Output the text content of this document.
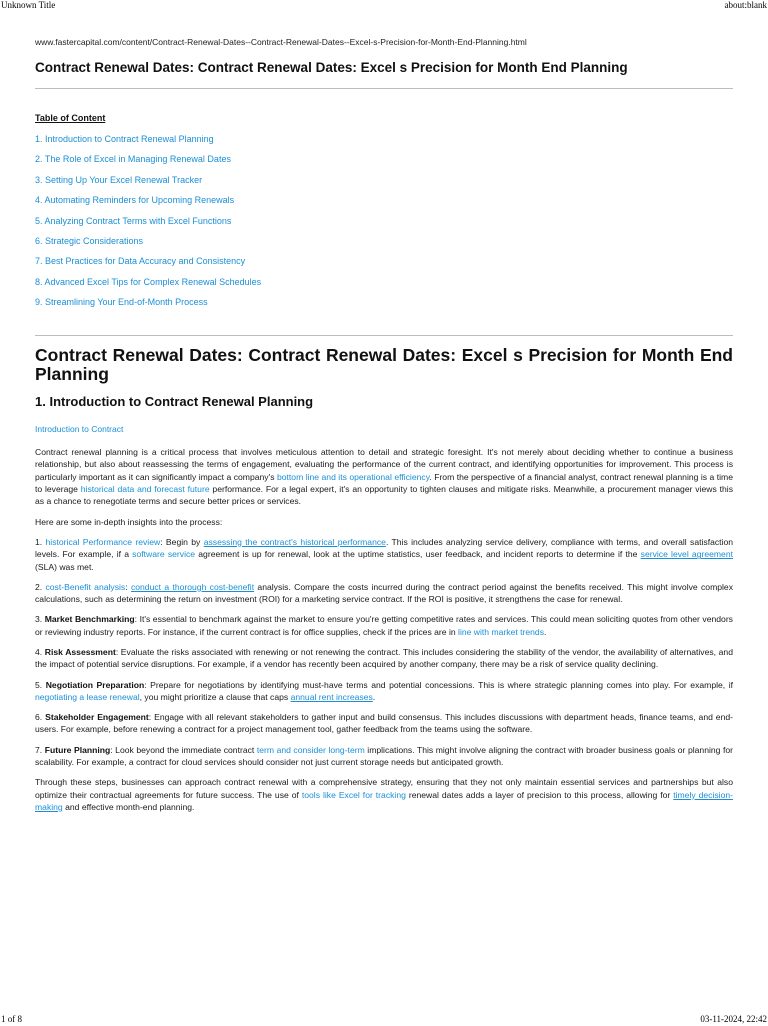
Unknown Title	about:blank
www.fastercapital.com/content/Contract-Renewal-Dates--Contract-Renewal-Dates--Excel-s-Precision-for-Month-End-Planning.html
Contract Renewal Dates: Contract Renewal Dates: Excel s Precision for Month End Planning
Table of Content
1. Introduction to Contract Renewal Planning
2. The Role of Excel in Managing Renewal Dates
3. Setting Up Your Excel Renewal Tracker
4. Automating Reminders for Upcoming Renewals
5. Analyzing Contract Terms with Excel Functions
6. Strategic Considerations
7. Best Practices for Data Accuracy and Consistency
8. Advanced Excel Tips for Complex Renewal Schedules
9. Streamlining Your End-of-Month Process
Contract Renewal Dates: Contract Renewal Dates: Excel s Precision for Month End Planning
1. Introduction to Contract Renewal Planning
Introduction to Contract

Contract renewal planning is a critical process that involves meticulous attention to detail and strategic foresight. It's not merely about deciding whether to continue a business relationship, but also about reassessing the terms of engagement, evaluating the performance of the current contract, and identifying opportunities for improvement. This process is particularly important as it can significantly impact a company's bottom line and its operational efficiency. From the perspective of a financial analyst, contract renewal planning is a time to leverage historical data and forecast future performance. For a legal expert, it's an opportunity to tighten clauses and mitigate risks. Meanwhile, a procurement manager views this as a chance to renegotiate terms and secure better prices or services.

Here are some in-depth insights into the process:

1. historical Performance review: Begin by assessing the contract's historical performance. This includes analyzing service delivery, compliance with terms, and overall satisfaction levels. For example, if a software service agreement is up for renewal, look at the uptime statistics, user feedback, and incident reports to determine if the service level agreement (SLA) was met.

2. cost-Benefit analysis: conduct a thorough cost-benefit analysis. Compare the costs incurred during the contract period against the benefits received. This might involve complex calculations, such as determining the return on investment (ROI) for a marketing service contract. If the ROI is positive, it strengthens the case for renewal.

3. Market Benchmarking: It's essential to benchmark against the market to ensure you're getting competitive rates and services. This could mean soliciting quotes from other vendors or reviewing industry reports. For instance, if the current contract is for office supplies, check if the prices are in line with market trends.

4. Risk Assessment: Evaluate the risks associated with renewing or not renewing the contract. This includes considering the stability of the vendor, the availability of alternatives, and the impact of potential service disruptions. For example, if a vendor has recently been acquired by another company, there may be a risk of service quality declining.

5. Negotiation Preparation: Prepare for negotiations by identifying must-have terms and potential concessions. This is where strategic planning comes into play. For example, if negotiating a lease renewal, you might prioritize a clause that caps annual rent increases.

6. Stakeholder Engagement: Engage with all relevant stakeholders to gather input and build consensus. This includes discussions with department heads, finance teams, and end-users. For example, before renewing a contract for a project management tool, gather feedback from the teams using the software.

7. Future Planning: Look beyond the immediate contract term and consider long-term implications. This might involve aligning the contract with broader business goals or planning for scalability. For example, a contract for cloud services should consider not just current storage needs but anticipated growth.

Through these steps, businesses can approach contract renewal with a comprehensive strategy, ensuring that they not only maintain essential services and partnerships but also optimize their contractual agreements for future success. The use of tools like Excel for tracking renewal dates adds a layer of precision to this process, allowing for timely decision-making and effective month-end planning.

1 of 8	03-11-2024, 22:42
